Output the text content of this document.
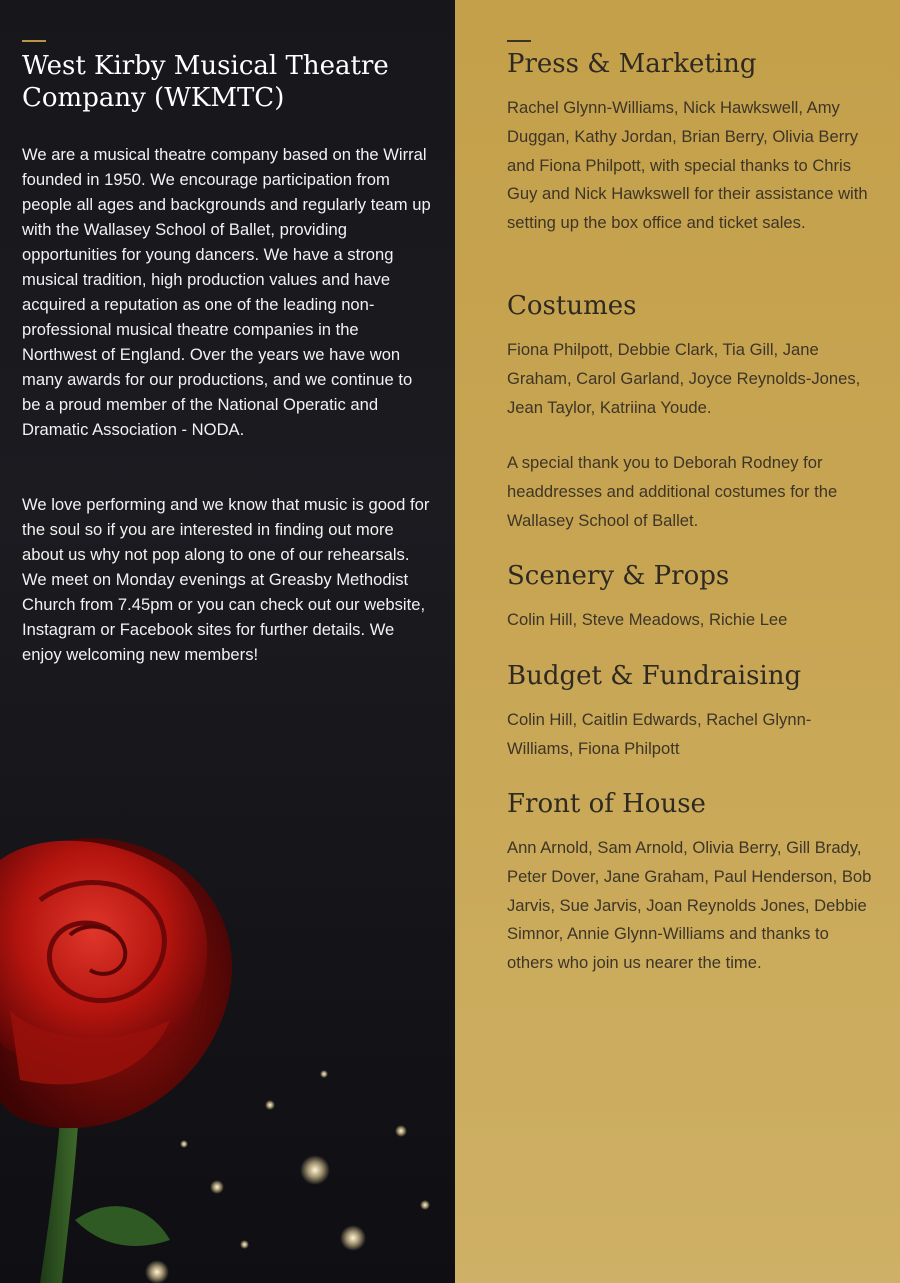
West Kirby Musical Theatre Company (WKMTC)

We are a musical theatre company based on the Wirral founded in 1950. We encourage participation from people all ages and backgrounds and regularly team up with the Wallasey School of Ballet, providing opportunities for young dancers. We have a strong musical tradition, high production values and have acquired a reputation as one of the leading non-professional musical theatre companies in the Northwest of England. Over the years we have won many awards for our productions, and we continue to be a proud member of the National Operatic and Dramatic Association - NODA.

We love performing and we know that music is good for the soul so if you are interested in finding out more about us why not pop along to one of our rehearsals. We meet on Monday evenings at Greasby Methodist Church from 7.45pm or you can check out our website, Instagram or Facebook sites for further details. We enjoy welcoming new members!

Press & Marketing

Rachel Glynn-Williams, Nick Hawkswell, Amy Duggan, Kathy Jordan, Brian Berry, Olivia Berry and Fiona Philpott, with special thanks to Chris Guy and Nick Hawkswell for their assistance with setting up the box office and ticket sales.

Costumes

Fiona Philpott, Debbie Clark, Tia Gill, Jane Graham, Carol Garland, Joyce Reynolds-Jones, Jean Taylor, Katriina Youde.

A special thank you to Deborah Rodney for headdresses and additional costumes for the Wallasey School of Ballet.

Scenery & Props

Colin Hill, Steve Meadows, Richie Lee

Budget & Fundraising

Colin Hill, Caitlin Edwards, Rachel Glynn-Williams, Fiona Philpott

Front of House

Ann Arnold, Sam Arnold, Olivia Berry, Gill Brady, Peter Dover, Jane Graham, Paul Henderson, Bob Jarvis, Sue Jarvis, Joan Reynolds Jones, Debbie Simnor, Annie Glynn-Williams and thanks to others who join us nearer the time.
